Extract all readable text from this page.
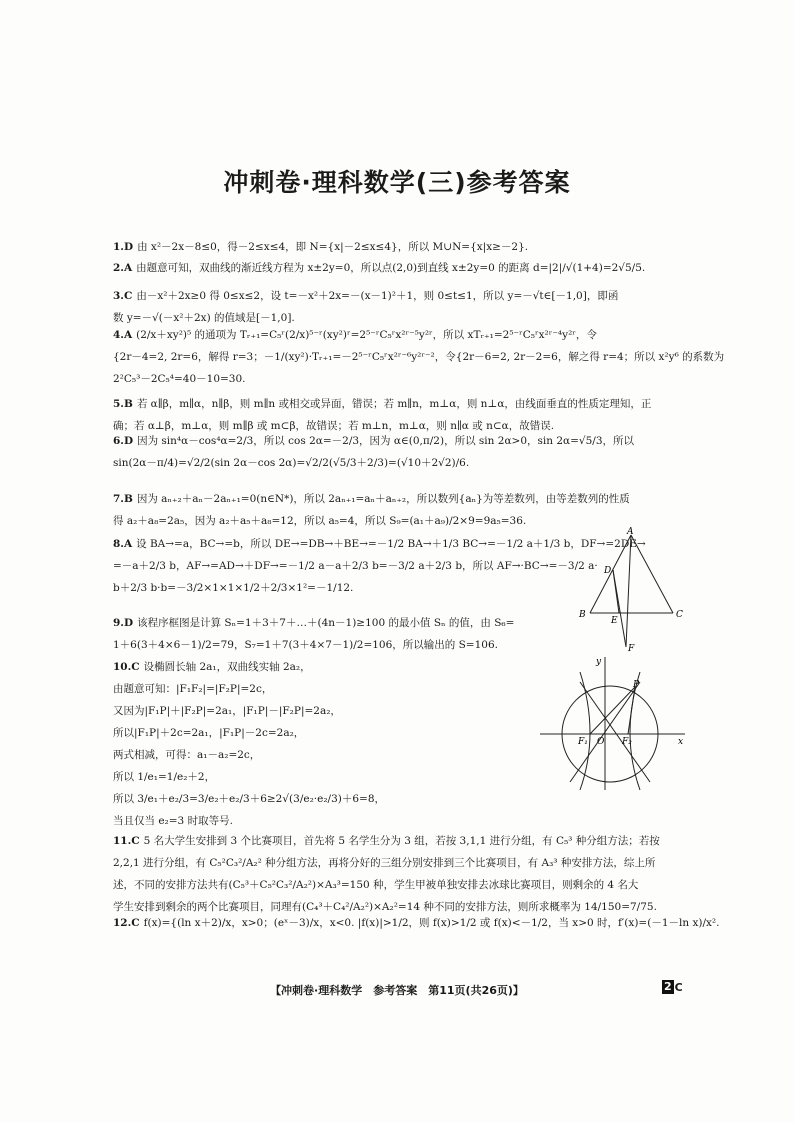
冲刺卷·理科数学(三)参考答案
1.D 由 x²－2x－8≤0，得－2≤x≤4，即 N={x|－2≤x≤4}，所以 M∪N={x|x≥－2}.
2.A 由题意可知，双曲线的渐近线方程为 x±2y=0，所以点(2,0)到直线 x±2y=0 的距离 d=|2|/√(1+4)=2√5/5.
3.C 由－x²＋2x≥0 得 0≤x≤2，设 t=－x²＋2x=－(x－1)²＋1，则 0≤t≤1，所以 y=－√t∈[－1,0]，即函
数 y=－√(－x²＋2x) 的值域是[－1,0].
4.A (2/x＋xy²)⁵ 的通项为 Tᵣ₊₁=C₅ʳ(2/x)⁵⁻ʳ(xy²)ʳ=2⁵⁻ʳC₅ʳx²ʳ⁻⁵y²ʳ，所以 xTᵣ₊₁=2⁵⁻ʳC₅ʳx²ʳ⁻⁴y²ʳ，令
{2r－4=2, 2r=6，解得 r=3；－1/(xy²)·Tᵣ₊₁=－2⁵⁻ʳC₅ʳx²ʳ⁻⁶y²ʳ⁻²，令{2r－6=2, 2r－2=6，解之得 r=4；所以 x²y⁶ 的系数为
2²C₅³－2C₅⁴=40－10=30.
5.B 若 α∥β，m∥α，n∥β，则 m∥n 或相交或异面，错误；若 m∥n，m⊥α，则 n⊥α，由线面垂直的性质定理知，正
确；若 α⊥β，m⊥α，则 m∥β 或 m⊂β，故错误；若 m⊥n，m⊥α，则 n∥α 或 n⊂α，故错误.
6.D 因为 sin⁴α－cos⁴α=2/3，所以 cos 2α=－2/3，因为 α∈(0,π/2)，所以 sin 2α>0，sin 2α=√5/3，所以
sin(2α－π/4)=√2/2(sin 2α－cos 2α)=√2/2(√5/3＋2/3)=(√10＋2√2)/6.
7.B 因为 aₙ₊₂＋aₙ－2aₙ₊₁=0(n∈N*)，所以 2aₙ₊₁=aₙ＋aₙ₊₂，所以数列{aₙ}为等差数列，由等差数列的性质
得 a₂＋a₈=2a₅，因为 a₂＋a₅＋a₈=12，所以 a₅=4，所以 S₉=(a₁＋a₉)/2×9=9a₅=36.
8.A 设 BA→=a，BC→=b，所以 DE→=DB→＋BE→=－1/2 BA→＋1/3 BC→=－1/2 a＋1/3 b，DF→=2DE→
=－a＋2/3 b，AF→=AD→＋DF→=－1/2 a－a＋2/3 b=－3/2 a＋2/3 b，所以 AF→·BC→=－3/2 a·
b＋2/3 b·b=－3/2×1×1×1/2＋2/3×1²=－1/12.
9.D 该程序框图是计算 Sₙ=1＋3＋7＋…＋(4n－1)≥100 的最小值 Sₙ 的值，由 S₆=
1＋6(3＋4×6－1)/2=79，S₇=1＋7(3＋4×7－1)/2=106，所以输出的 S=106.
10.C 设椭圆长轴 2a₁，双曲线实轴 2a₂，
由题意可知：|F₁F₂|=|F₂P|=2c，
又因为|F₁P|＋|F₂P|=2a₁，|F₁P|－|F₂P|=2a₂，
所以|F₁P|＋2c=2a₁，|F₁P|－2c=2a₂，
两式相减，可得：a₁－a₂=2c，
所以 1/e₁=1/e₂＋2，
所以 3/e₁＋e₂/3=3/e₂＋e₂/3＋6≥2√(3/e₂·e₂/3)＋6=8，
当且仅当 e₂=3 时取等号.
11.C 5 名大学生安排到 3 个比赛项目，首先将 5 名学生分为 3 组，若按 3,1,1 进行分组，有 C₅³ 种分组方法；若按
2,2,1 进行分组，有 C₅²C₃²/A₂² 种分组方法，再将分好的三组分别安排到三个比赛项目，有 A₃³ 种安排方法，综上所
述，不同的安排方法共有(C₅³＋C₅²C₃²/A₂²)×A₃³=150 种，学生甲被单独安排去冰球比赛项目，则剩余的 4 名大
学生安排到剩余的两个比赛项目，同理有(C₄³＋C₄²/A₂²)×A₂²=14 种不同的安排方法，则所求概率为 14/150=7/75.
12.C f(x)={(ln x＋2)/x，x>0；(eˣ－3)/x，x<0. |f(x)|>1/2，则 f(x)>1/2 或 f(x)<－1/2，当 x>0 时，f′(x)=(－1－ln x)/x².
A
B	C
D
E
F
y
x
P
F₁ O F₂
【冲刺卷·理科数学　参考答案　第11页(共26页)】	2 C
